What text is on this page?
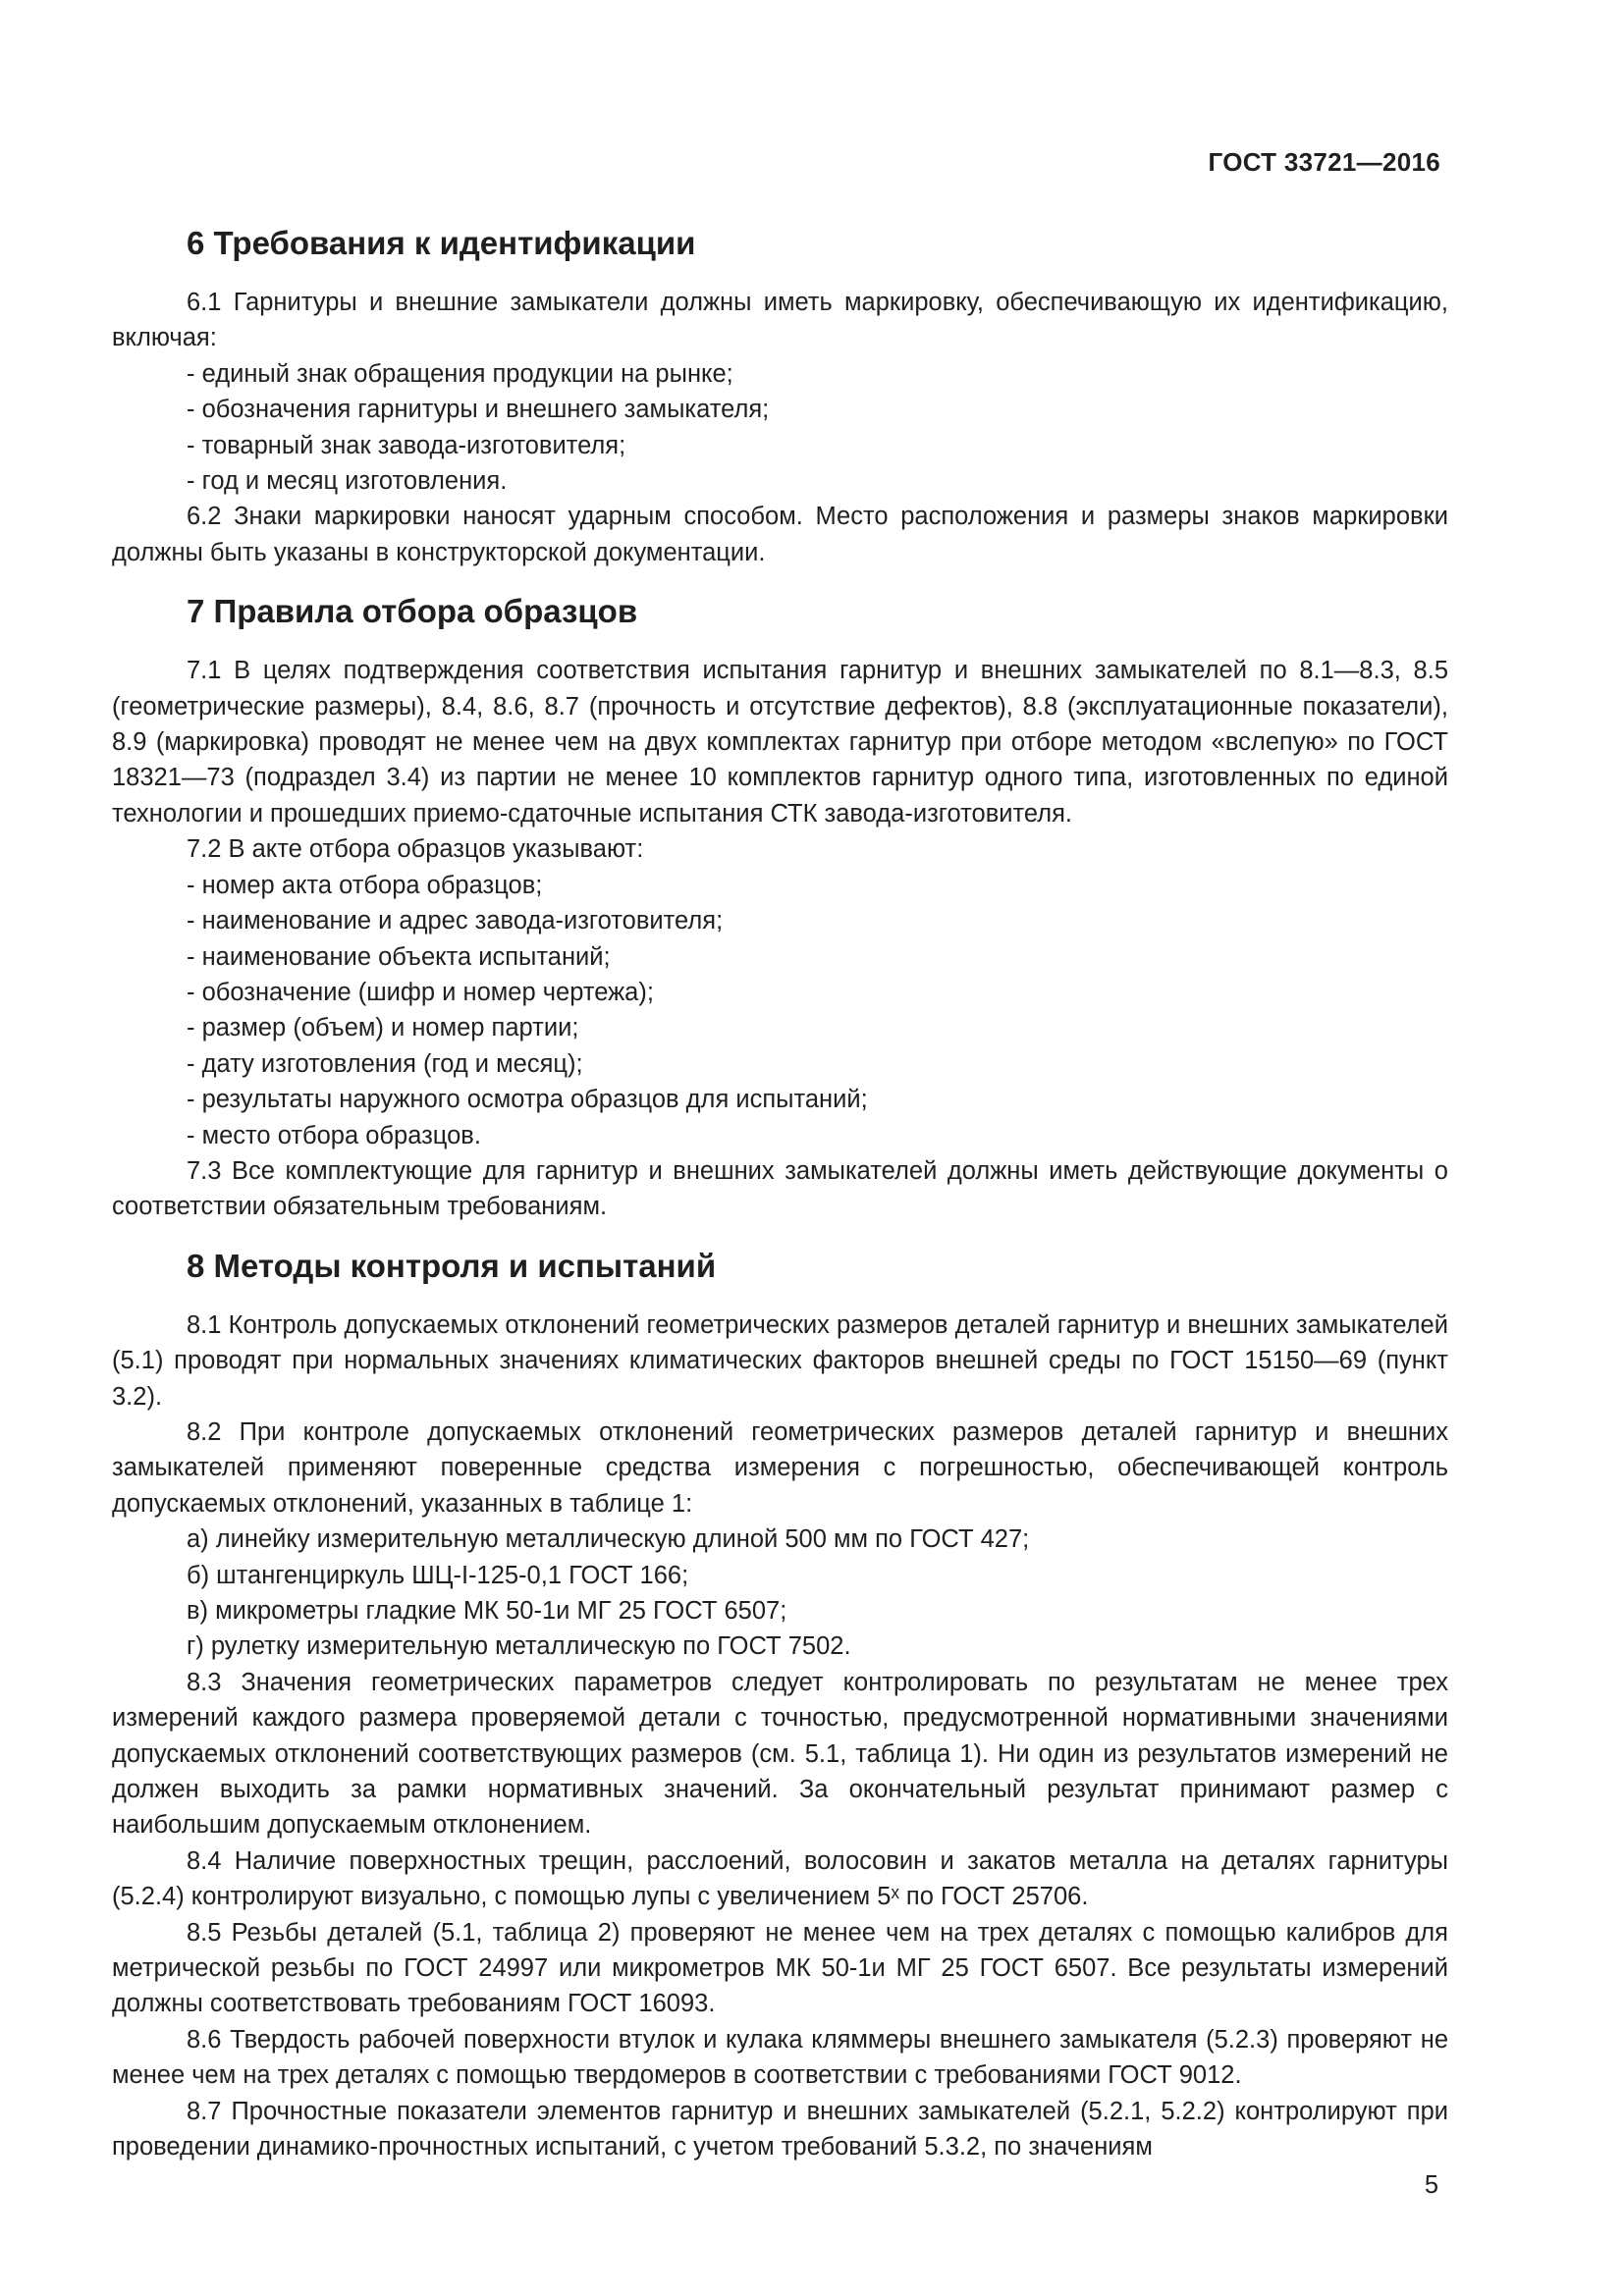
ГОСТ 33721—2016
6 Требования к идентификации

6.1 Гарнитуры и внешние замыкатели должны иметь маркировку, обеспечивающую их идентификацию, включая:

- единый знак обращения продукции на рынке;

- обозначения гарнитуры и внешнего замыкателя;

- товарный знак завода-изготовителя;

- год и месяц изготовления.

6.2 Знаки маркировки наносят ударным способом. Место расположения и размеры знаков маркировки должны быть указаны в конструкторской документации.

7 Правила отбора образцов

7.1 В целях подтверждения соответствия испытания гарнитур и внешних замыкателей по 8.1—8.3, 8.5 (геометрические размеры), 8.4, 8.6, 8.7 (прочность и отсутствие дефектов), 8.8 (эксплуатационные показатели), 8.9 (маркировка) проводят не менее чем на двух комплектах гарнитур при отборе методом «вслепую» по ГОСТ 18321—73 (подраздел 3.4) из партии не менее 10 комплектов гарнитур одного типа, изготовленных по единой технологии и прошедших приемо-сдаточные испытания СТК завода-изготовителя.

7.2 В акте отбора образцов указывают:

- номер акта отбора образцов;

- наименование и адрес завода-изготовителя;

- наименование объекта испытаний;

- обозначение (шифр и номер чертежа);

- размер (объем) и номер партии;

- дату изготовления (год и месяц);

- результаты наружного осмотра образцов для испытаний;

- место отбора образцов.

7.3 Все комплектующие для гарнитур и внешних замыкателей должны иметь действующие документы о соответствии обязательным требованиям.

8 Методы контроля и испытаний

8.1 Контроль допускаемых отклонений геометрических размеров деталей гарнитур и внешних замыкателей (5.1) проводят при нормальных значениях климатических факторов внешней среды по ГОСТ 15150—69 (пункт 3.2).

8.2 При контроле допускаемых отклонений геометрических размеров деталей гарнитур и внешних замыкателей применяют поверенные средства измерения с погрешностью, обеспечивающей контроль допускаемых отклонений, указанных в таблице 1:

а) линейку измерительную металлическую длиной 500 мм по ГОСТ 427;

б) штангенциркуль ШЦ-I-125-0,1 ГОСТ 166;

в) микрометры гладкие МК 50-1и МГ 25 ГОСТ 6507;

г) рулетку измерительную металлическую по ГОСТ 7502.

8.3 Значения геометрических параметров следует контролировать по результатам не менее трех измерений каждого размера проверяемой детали с точностью, предусмотренной нормативными значениями допускаемых отклонений соответствующих размеров (см. 5.1, таблица 1). Ни один из результатов измерений не должен выходить за рамки нормативных значений. За окончательный результат принимают размер с наибольшим допускаемым отклонением.

8.4 Наличие поверхностных трещин, расслоений, волосовин и закатов металла на деталях гарнитуры (5.2.4) контролируют визуально, с помощью лупы с увеличением 5ˣ по ГОСТ 25706.

8.5 Резьбы деталей (5.1, таблица 2) проверяют не менее чем на трех деталях с помощью калибров для метрической резьбы по ГОСТ 24997 или микрометров МК 50-1и МГ 25 ГОСТ 6507. Все результаты измерений должны соответствовать требованиям ГОСТ 16093.

8.6 Твердость рабочей поверхности втулок и кулака кляммеры внешнего замыкателя (5.2.3) проверяют не менее чем на трех деталях с помощью твердомеров в соответствии с требованиями ГОСТ 9012.

8.7 Прочностные показатели элементов гарнитур и внешних замыкателей (5.2.1, 5.2.2) контролируют при проведении динамико-прочностных испытаний, с учетом требований 5.3.2, по значениям

5
